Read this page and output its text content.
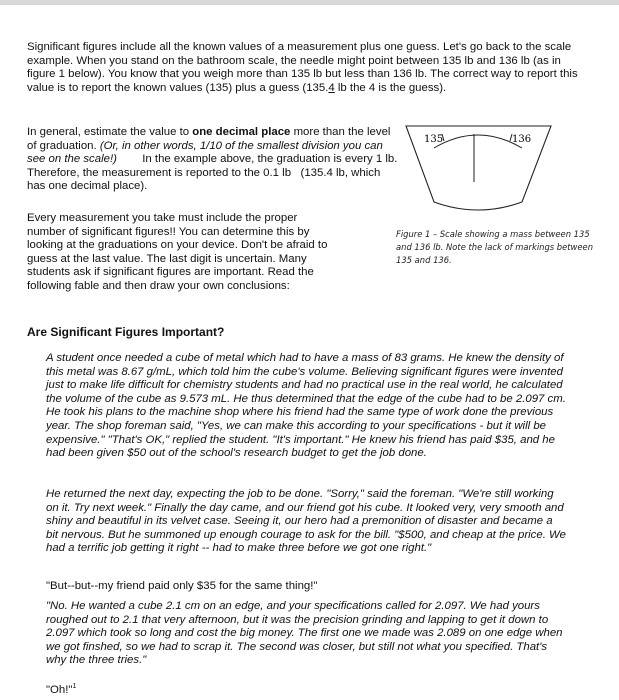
Significant figures include all the known values of a measurement plus one guess. Let's go back to the scale example. When you stand on the bathroom scale, the needle might point between 135 lb and 136 lb (as in figure 1 below). You know that you weigh more than 135 lb but less than 136 lb. The correct way to report this value is to report the known values (135) plus a guess (135.4 lb the 4 is the guess).

In general, estimate the value to one decimal place more than the level of graduation. (Or, in other words, 1/10 of the smallest division you can see on the scale!)        In the example above, the graduation is every 1 lb. Therefore, the measurement is reported to the 0.1 lb   (135.4 lb, which has one decimal place).

Every measurement you take must include the proper number of significant figures!! You can determine this by looking at the graduations on your device. Don't be afraid to guess at the last value. The last digit is uncertain. Many students ask if significant figures are important. Read the following fable and then draw your own conclusions:

135	136
Figure 1 – Scale showing a mass between 135 and 136 lb. Note the lack of markings between 135 and 136.
Are Significant Figures Important?

A student once needed a cube of metal which had to have a mass of 83 grams. He knew the density of this metal was 8.67 g/mL, which told him the cube's volume. Believing significant figures were invented just to make life difficult for chemistry students and had no practical use in the real world, he calculated the volume of the cube as 9.573 mL. He thus determined that the edge of the cube had to be 2.097 cm. He took his plans to the machine shop where his friend had the same type of work done the previous year. The shop foreman said, "Yes, we can make this according to your specifications - but it will be expensive." "That's OK," replied the student. "It's important." He knew his friend has paid $35, and he had been given $50 out of the school's research budget to get the job done.

He returned the next day, expecting the job to be done. "Sorry," said the foreman. "We're still working on it. Try next week." Finally the day came, and our friend got his cube. It looked very, very smooth and shiny and beautiful in its velvet case. Seeing it, our hero had a premonition of disaster and became a bit nervous. But he summoned up enough courage to ask for the bill. "$500, and cheap at the price. We had a terrific job getting it right -- had to make three before we got one right."

"But--but--my friend paid only $35 for the same thing!"

"No. He wanted a cube 2.1 cm on an edge, and your specifications called for 2.097. We had yours roughed out to 2.1 that very afternoon, but it was the precision grinding and lapping to get it down to 2.097 which took so long and cost the big money. The first one we made was 2.089 on one edge when we got finshed, so we had to scrap it. The second was closer, but still not what you specified. That's why the three tries."

"Oh!"$^1$
